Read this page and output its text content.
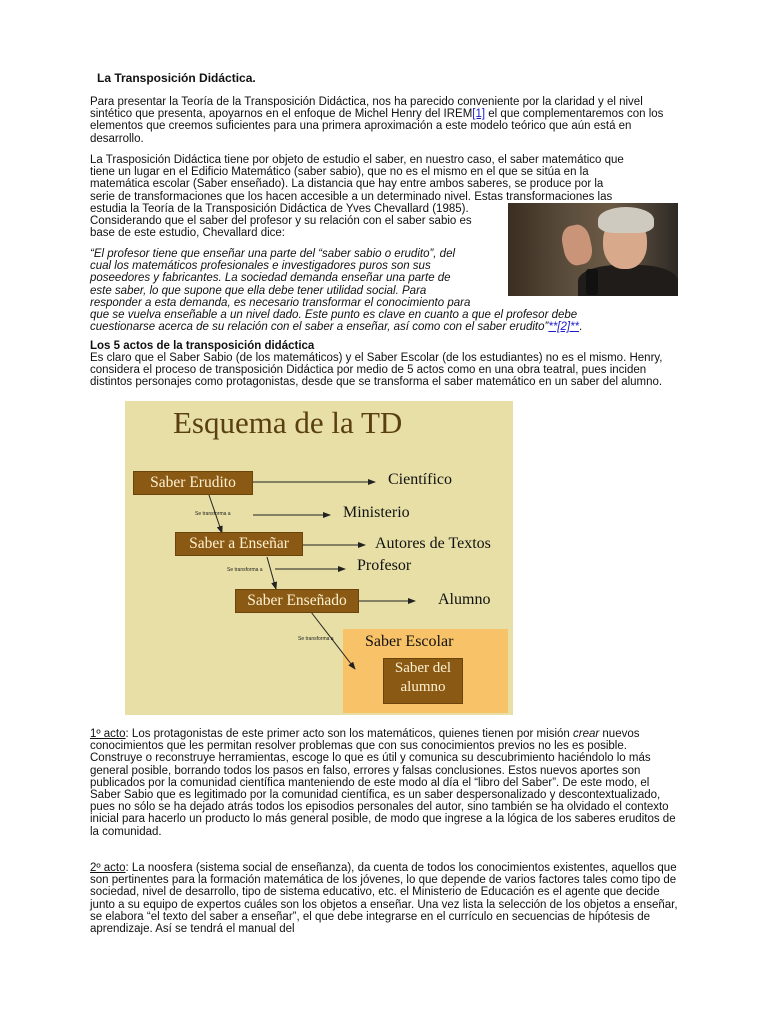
La Transposición Didáctica.

Para presentar la Teoría de la Transposición Didáctica, nos ha parecido conveniente por la claridad y el nivel sintético que presenta, apoyarnos en el enfoque de Michel Henry del IREM[1] el que complementaremos con los elementos que creemos suficientes para una primera aproximación a este modelo teórico que aún está en desarrollo.

La Trasposición Didáctica tiene por objeto de estudio el saber, en nuestro caso, el saber matemático que
tiene un lugar en el Edificio Matemático (saber sabio), que no es el mismo en el que se sitúa en la
matemática escolar (Saber enseñado). La distancia que hay entre ambos saberes, se produce por la
serie de transformaciones que los hacen accesible a un determinado nivel. Estas transformaciones las
estudia la Teoría de la Transposición Didáctica de Yves Chevallard (1985).
Considerando que el saber del profesor y su relación con el saber sabio es
base de este estudio, Chevallard dice:
“El profesor tiene que enseñar una parte del “saber sabio o erudito”, del
cual los matemáticos profesionales e investigadores puros son sus
poseedores y fabricantes. La sociedad demanda enseñar una parte de
este saber, lo que supone que ella debe tener utilidad social. Para
responder a esta demanda, es necesario transformar el conocimiento para
que se vuelva enseñable a un nivel dado. Este punto es clave en cuanto a que el profesor debe
cuestionarse acerca de su relación con el saber a enseñar, así como con el saber erudito”**[2]**.
Los 5 actos de la transposición didáctica

Es claro que el Saber Sabio (de los matemáticos) y el Saber Escolar (de los estudiantes) no es el mismo. Henry, considera el proceso de transposición Didáctica por medio de 5 actos como en una obra teatral, pues inciden distintos personajes como protagonistas, desde que se transforma el saber matemático en un saber del alumno.

Esquema de la TD
Saber Escolar
Saber Erudito	Científico
Se transforma a	Ministerio
Saber a Enseñar	Autores de Textos
Se transforma a	Profesor
Saber Enseñado	Alumno
Se transforma a
Saber del
alumno

1º acto: Los protagonistas de este primer acto son los matemáticos, quienes tienen por misión crear nuevos conocimientos que les permitan resolver problemas que con sus conocimientos previos no les es posible. Construye o reconstruye herramientas, escoge lo que es útil y comunica su descubrimiento haciéndolo lo más general posible, borrando todos los pasos en falso, errores y falsas conclusiones. Estos nuevos aportes son publicados por la comunidad científica manteniendo de este modo al día el “libro del Saber”. De este modo, el Saber Sabio que es legitimado por la comunidad científica, es un saber despersonalizado y descontextualizado, pues no sólo se ha dejado atrás todos los episodios personales del autor, sino también se ha olvidado el contexto inicial para hacerlo un producto lo más general posible, de modo que ingrese a la lógica de los saberes eruditos de la comunidad.

2º acto: La noosfera (sistema social de enseñanza), da cuenta de todos los conocimientos existentes, aquellos que son pertinentes para la formación matemática de los jóvenes, lo que depende de varios factores tales como tipo de sociedad, nivel de desarrollo, tipo de sistema educativo, etc. el Ministerio de Educación es el agente que decide junto a su equipo de expertos cuáles son los objetos a enseñar. Una vez lista la selección de los objetos a enseñar, se elabora “el texto del saber a enseñar”, el que debe integrarse en el currículo en secuencias de hipótesis de aprendizaje. Así se tendrá el manual del
